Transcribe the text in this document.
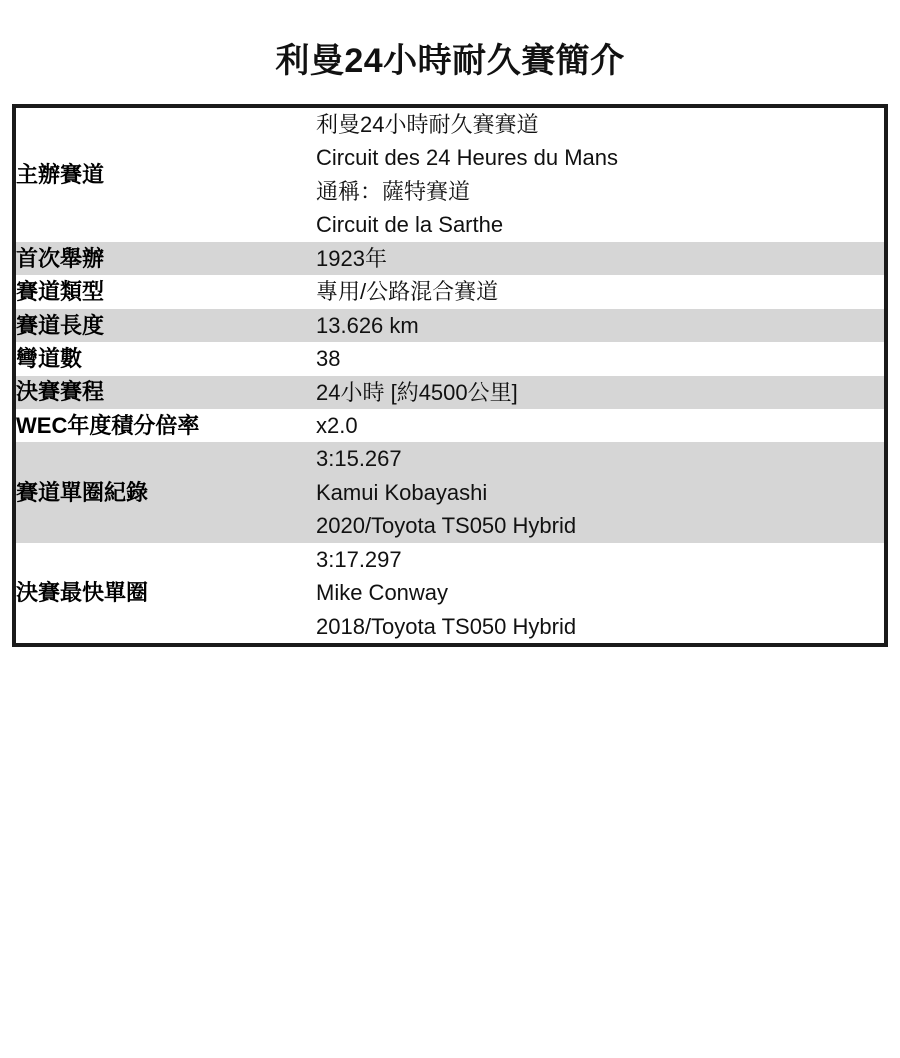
利曼24小時耐久賽簡介
主辦賽道	利曼24小時耐久賽賽道
Circuit des 24 Heures du Mans
通稱：薩特賽道
Circuit de la Sarthe

首次舉辦	1923年

賽道類型	專用/公路混合賽道

賽道長度	13.626 km

彎道數	38

決賽賽程	24小時 [約4500公里]

WEC年度積分倍率	x2.0

賽道單圈紀錄	3:15.267
Kamui Kobayashi
2020/Toyota TS050 Hybrid

決賽最快單圈	3:17.297
Mike Conway
2018/Toyota TS050 Hybrid
